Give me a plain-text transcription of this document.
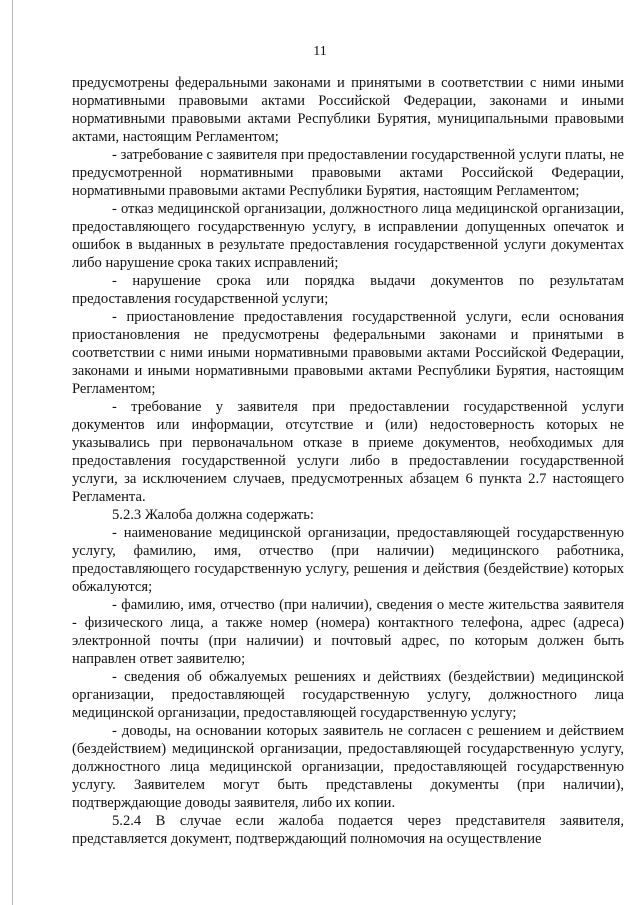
11

предусмотрены федеральными законами и принятыми в соответствии с ними иными нормативными правовыми актами Российской Федерации, законами и иными нормативными правовыми актами Республики Бурятия, муниципальными правовыми актами, настоящим Регламентом;

- затребование с заявителя при предоставлении государственной услуги платы, не предусмотренной нормативными правовыми актами Российской Федерации, нормативными правовыми актами Республики Бурятия, настоящим Регламентом;

- отказ медицинской организации, должностного лица медицинской организации, предоставляющего государственную услугу, в исправлении допущенных опечаток и ошибок в выданных в результате предоставления государственной услуги документах либо нарушение срока таких исправлений;

- нарушение срока или порядка выдачи документов по результатам предоставления государственной услуги;

- приостановление предоставления государственной услуги, если основания приостановления не предусмотрены федеральными законами и принятыми в соответствии с ними иными нормативными правовыми актами Российской Федерации, законами и иными нормативными правовыми актами Республики Бурятия, настоящим Регламентом;

- требование у заявителя при предоставлении государственной услуги документов или информации, отсутствие и (или) недостоверность которых не указывались при первоначальном отказе в приеме документов, необходимых для предоставления государственной услуги либо в предоставлении государственной услуги, за исключением случаев, предусмотренных абзацем 6 пункта 2.7 настоящего Регламента.

5.2.3 Жалоба должна содержать:

- наименование медицинской организации, предоставляющей государственную услугу, фамилию, имя, отчество (при наличии) медицинского работника, предоставляющего государственную услугу, решения и действия (бездействие) которых обжалуются;

- фамилию, имя, отчество (при наличии), сведения о месте жительства заявителя - физического лица, а также номер (номера) контактного телефона, адрес (адреса) электронной почты (при наличии) и почтовый адрес, по которым должен быть направлен ответ заявителю;

- сведения об обжалуемых решениях и действиях (бездействии) медицинской организации, предоставляющей государственную услугу, должностного лица медицинской организации, предоставляющей государственную услугу;

- доводы, на основании которых заявитель не согласен с решением и действием (бездействием) медицинской организации, предоставляющей государственную услугу, должностного лица медицинской организации, предоставляющей государственную услугу. Заявителем могут быть представлены документы (при наличии), подтверждающие доводы заявителя, либо их копии.

5.2.4 В случае если жалоба подается через представителя заявителя, представляется документ, подтверждающий полномочия на осуществление
